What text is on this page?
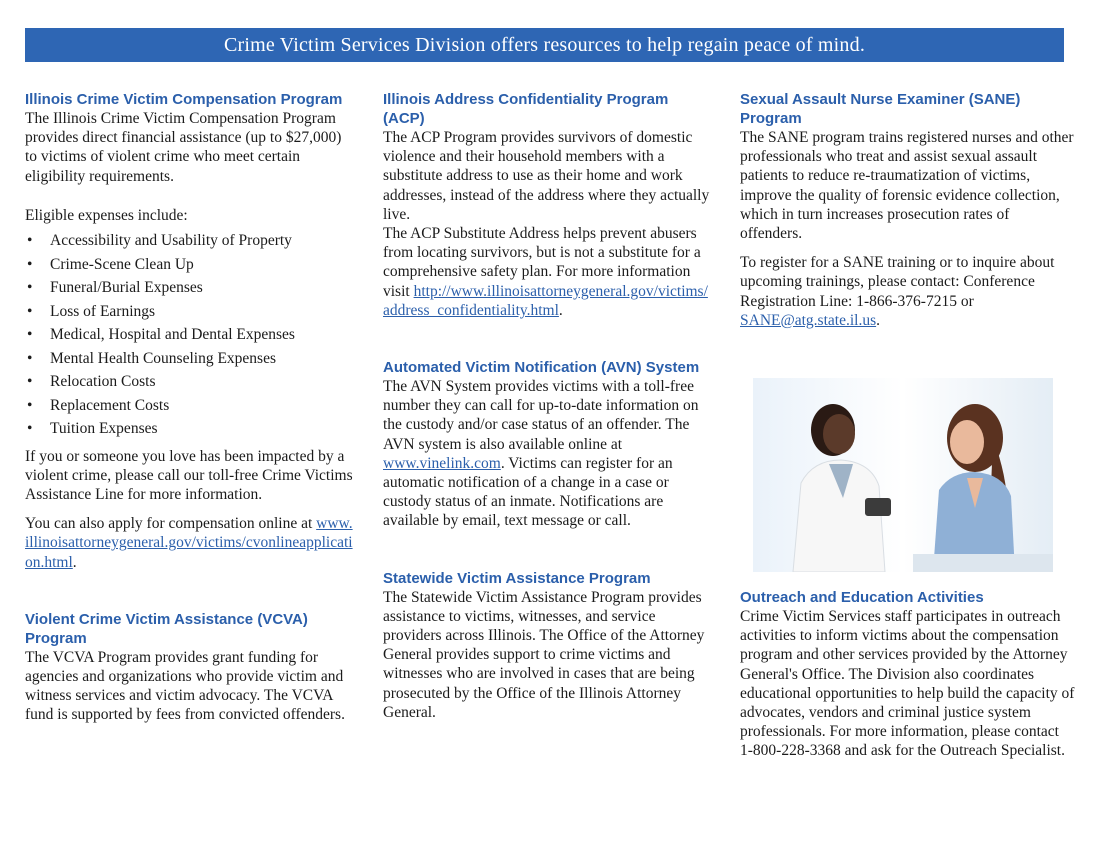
Crime Victim Services Division offers resources to help regain peace of mind.
Illinois Crime Victim Compensation Program

The Illinois Crime Victim Compensation Program provides direct financial assistance (up to $27,000) to victims of violent crime who meet certain eligibility requirements.

Eligible expenses include:

• Accessibility and Usability of Property
• Crime-Scene Clean Up
• Funeral/Burial Expenses
• Loss of Earnings
• Medical, Hospital and Dental Expenses
• Mental Health Counseling Expenses
• Relocation Costs
• Replacement Costs
• Tuition Expenses

If you or someone you love has been impacted by a violent crime, please call our toll-free Crime Victims Assistance Line for more information.

You can also apply for compensation online at www.illinoisattorneygeneral.gov/victims/cvonlineapplication.html.

Violent Crime Victim Assistance (VCVA) Program

The VCVA Program provides grant funding for agencies and organizations who provide victim and witness services and victim advocacy. The VCVA fund is supported by fees from convicted offenders.

Illinois Address Confidentiality Program (ACP)

The ACP Program provides survivors of domestic violence and their household members with a substitute address to use as their home and work addresses, instead of the address where they actually live.

The ACP Substitute Address helps prevent abusers from locating survivors, but is not a substitute for a comprehensive safety plan. For more information visit http://www.illinoisattorneygeneral.gov/victims/address_confidentiality.html.

Automated Victim Notification (AVN) System

The AVN System provides victims with a toll-free number they can call for up-to-date information on the custody and/or case status of an offender. The AVN system is also available online at www.vinelink.com. Victims can register for an automatic notification of a change in a case or custody status of an inmate. Notifications are available by email, text message or call.

Statewide Victim Assistance Program

The Statewide Victim Assistance Program provides assistance to victims, witnesses, and service providers across Illinois. The Office of the Attorney General provides support to crime victims and witnesses who are involved in cases that are being prosecuted by the Office of the Illinois Attorney General.

Sexual Assault Nurse Examiner (SANE) Program

The SANE program trains registered nurses and other professionals who treat and assist sexual assault patients to reduce re-traumatization of victims, improve the quality of forensic evidence collection, which in turn increases prosecution rates of offenders.

To register for a SANE training or to inquire about upcoming trainings, please contact: Conference Registration Line: 1-866-376-7215 or SANE@atg.state.il.us.

Outreach and Education Activities

Crime Victim Services staff participates in outreach activities to inform victims about the compensation program and other services provided by the Attorney General's Office. The Division also coordinates educational opportunities to help build the capacity of advocates, vendors and criminal justice system professionals. For more information, please contact 1-800-228-3368 and ask for the Outreach Specialist.
